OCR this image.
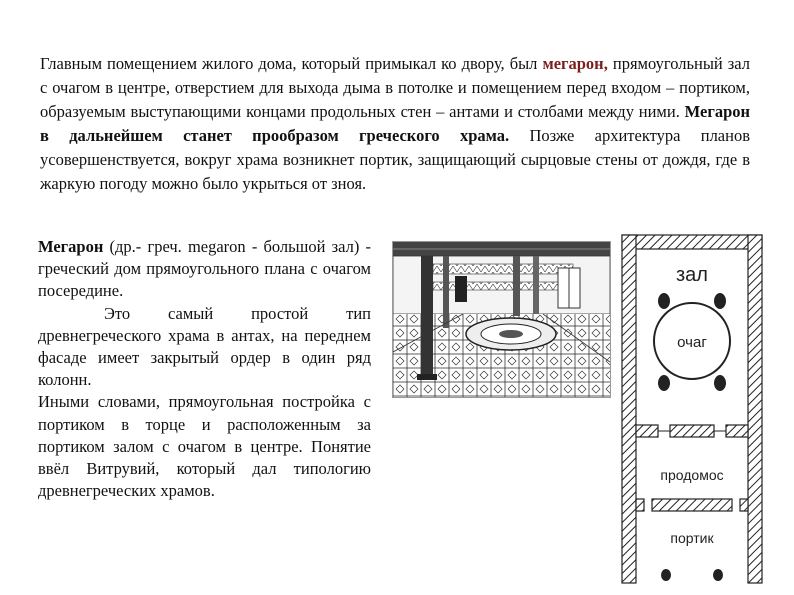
Главным помещением жилого дома, который примыкал ко двору, был мегарон, прямоугольный зал с очагом в центре, отверстием для выхода дыма в потолке и помещением перед входом – портиком, образуемым выступающими концами продольных стен – антами и столбами между ними. Мегарон в дальнейшем станет прообразом греческого храма. Позже архитектура планов усовершенствуется, вокруг храма возникнет портик, защищающий сырцовые стены от дождя, где в жаркую погоду можно было укрыться от зноя.

Мегарон (др.- греч. megaron - большой зал) - греческий дом прямоугольного плана с очагом посередине.

Это самый простой тип древнегреческого храма в антах, на переднем фасаде имеет закрытый ордер в один ряд колонн.

Иными словами, прямоугольная постройка с портиком в торце и расположенным за портиком залом с очагом в центре. Понятие ввёл Витрувий, который дал типологию древнегреческих храмов.

зал
очаг
продомос
портик
